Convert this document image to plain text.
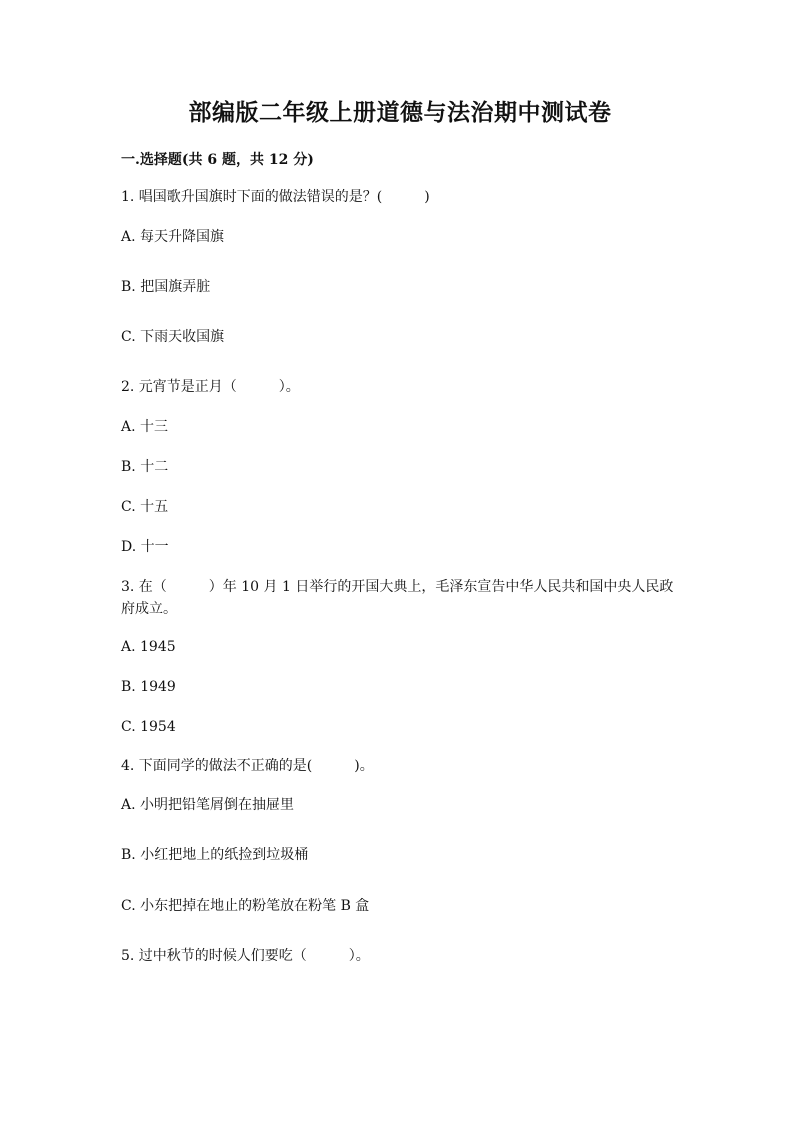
部编版二年级上册道德与法治期中测试卷
一.选择题(共 6 题，共 12 分)
1. 唱国歌升国旗时下面的做法错误的是？(　　　)
A. 每天升降国旗
B. 把国旗弄脏
C. 下雨天收国旗
2. 元宵节是正月（　　　）。
A. 十三
B. 十二
C. 十五
D. 十一
3. 在（　　　）年 10 月 1 日举行的开国大典上，毛泽东宣告中华人民共和国中央人民政府成立。
A. 1945
B. 1949
C. 1954
4. 下面同学的做法不正确的是(　　　)。
A. 小明把铅笔屑倒在抽屉里
B. 小红把地上的纸捡到垃圾桶
C. 小东把掉在地止的粉笔放在粉笔 B 盒
5. 过中秋节的时候人们要吃（　　　）。
